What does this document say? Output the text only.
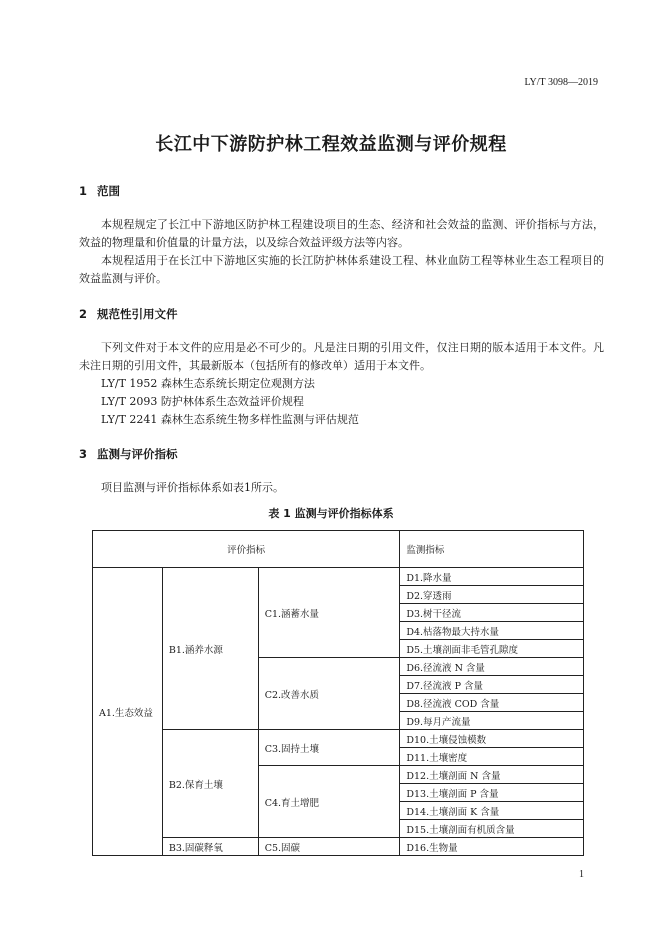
LY/T 3098—2019
长江中下游防护林工程效益监测与评价规程
1 范围

本规程规定了长江中下游地区防护林工程建设项目的生态、经济和社会效益的监测、评价指标与方法，效益的物理量和价值量的计量方法，以及综合效益评级方法等内容。

本规程适用于在长江中下游地区实施的长江防护林体系建设工程、林业血防工程等林业生态工程项目的效益监测与评价。

2 规范性引用文件

下列文件对于本文件的应用是必不可少的。凡是注日期的引用文件，仅注日期的版本适用于本文件。凡未注日期的引用文件，其最新版本（包括所有的修改单）适用于本文件。

LY/T 1952 森林生态系统长期定位观测方法
LY/T 2093 防护林体系生态效益评价规程
LY/T 2241 森林生态系统生物多样性监测与评估规范
3 监测与评价指标

项目监测与评价指标体系如表1所示。

表 1 监测与评价指标体系
评价指标			监测指标
A1.生态效益	B1.涵养水源	C1.涵蓄水量	D1.降水量
			D2.穿透雨
			D3.树干径流
			D4.枯落物最大持水量
			D5.土壤剖面非毛管孔隙度
		C2.改善水质	D6.径流液 N 含量
			D7.径流液 P 含量
			D8.径流液 COD 含量
			D9.每月产流量
	B2.保育土壤	C3.固持土壤	D10.土壤侵蚀模数
			D11.土壤密度
		C4.育土增肥	D12.土壤剖面 N 含量
			D13.土壤剖面 P 含量
			D14.土壤剖面 K 含量
			D15.土壤剖面有机质含量
	B3.固碳释氧	C5.固碳	D16.生物量
1
